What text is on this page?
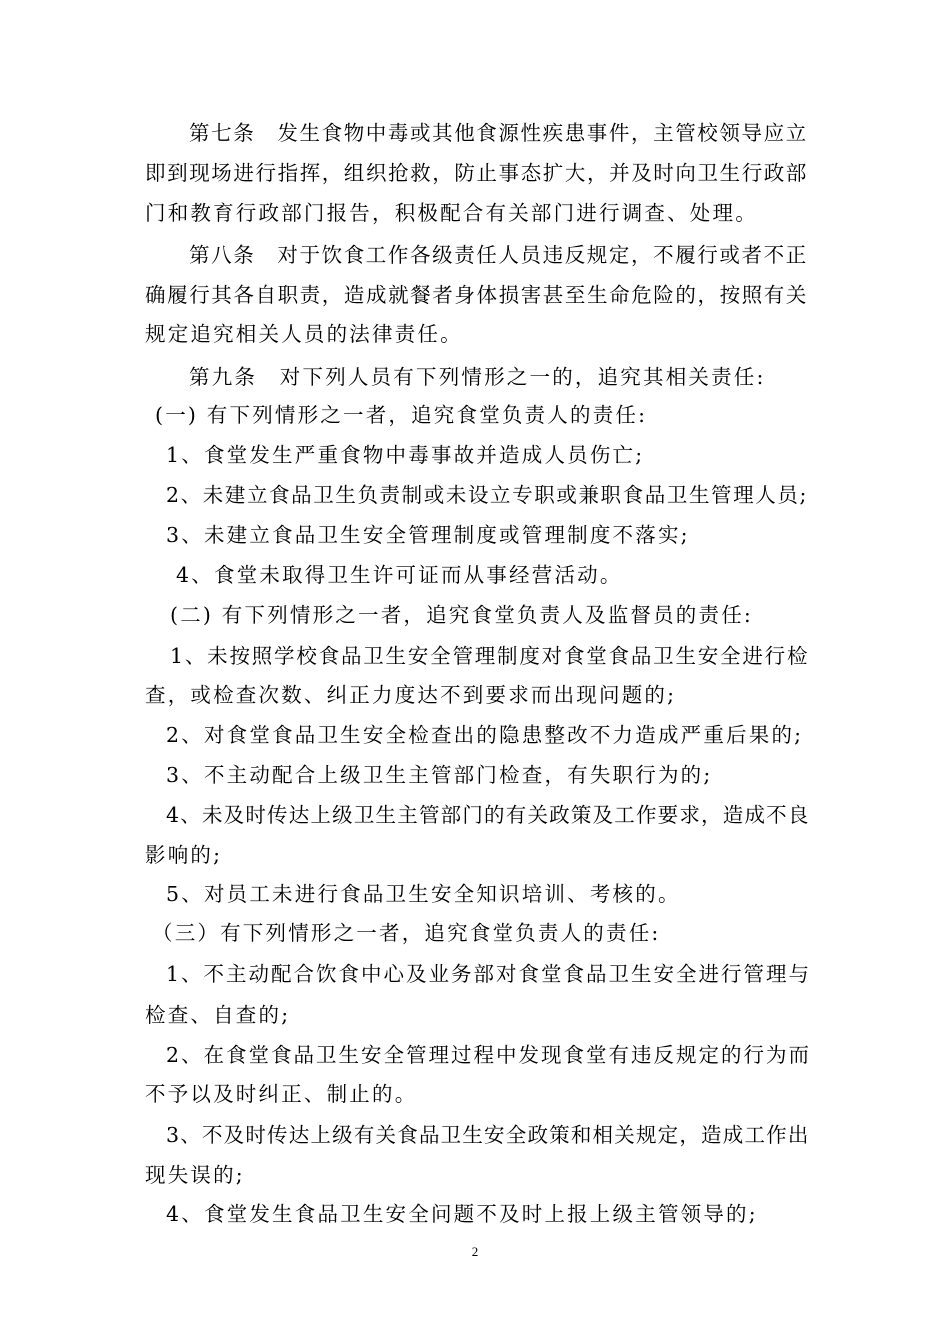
第七条　发生食物中毒或其他食源性疾患事件，主管校领导应立
即到现场进行指挥，组织抢救，防止事态扩大，并及时向卫生行政部
门和教育行政部门报告，积极配合有关部门进行调查、处理。
第八条　对于饮食工作各级责任人员违反规定，不履行或者不正
确履行其各自职责，造成就餐者身体损害甚至生命危险的，按照有关
规定追究相关人员的法律责任。
第九条　对下列人员有下列情形之一的，追究其相关责任:
(一) 有下列情形之一者，追究食堂负责人的责任:
1、食堂发生严重食物中毒事故并造成人员伤亡;
2、未建立食品卫生负责制或未设立专职或兼职食品卫生管理人员;
3、未建立食品卫生安全管理制度或管理制度不落实;
4、食堂未取得卫生许可证而从事经营活动。
(二) 有下列情形之一者，追究食堂负责人及监督员的责任:
1、未按照学校食品卫生安全管理制度对食堂食品卫生安全进行检
查，或检查次数、纠正力度达不到要求而出现问题的;
2、对食堂食品卫生安全检查出的隐患整改不力造成严重后果的;
3、不主动配合上级卫生主管部门检查，有失职行为的;
4、未及时传达上级卫生主管部门的有关政策及工作要求，造成不良
影响的;
5、对员工未进行食品卫生安全知识培训、考核的。
（三）有下列情形之一者，追究食堂负责人的责任:
1、不主动配合饮食中心及业务部对食堂食品卫生安全进行管理与
检查、自查的;
2、在食堂食品卫生安全管理过程中发现食堂有违反规定的行为而
不予以及时纠正、制止的。
3、不及时传达上级有关食品卫生安全政策和相关规定，造成工作出
现失误的;
4、食堂发生食品卫生安全问题不及时上报上级主管领导的;
2
